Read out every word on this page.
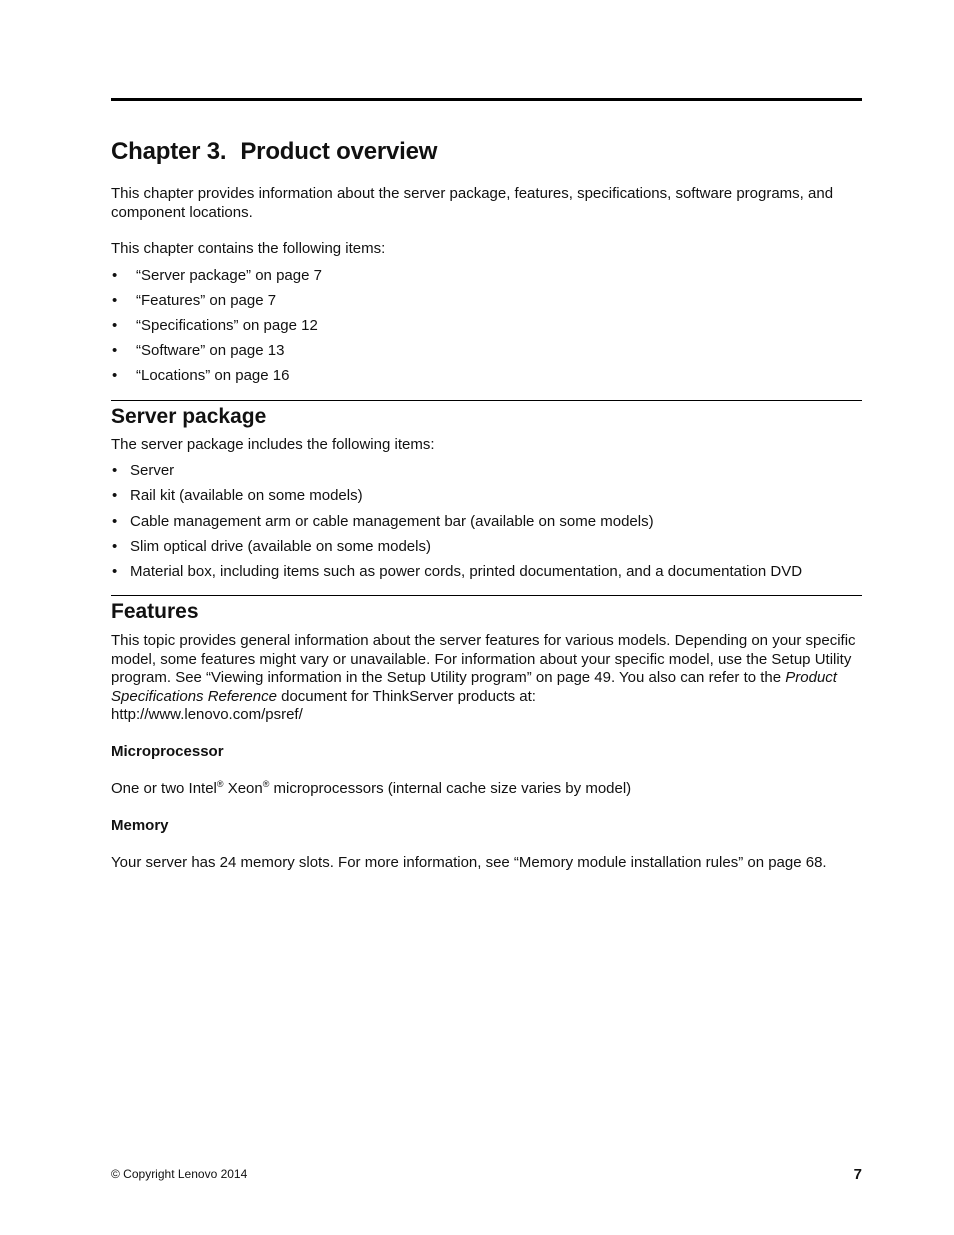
Chapter 3. Product overview

This chapter provides information about the server package, features, specifications, software programs, and component locations.

This chapter contains the following items:

• “Server package” on page 7
• “Features” on page 7
• “Specifications” on page 12
• “Software” on page 13
• “Locations” on page 16
Server package

The server package includes the following items:

• Server
• Rail kit (available on some models)
• Cable management arm or cable management bar (available on some models)
• Slim optical drive (available on some models)
• Material box, including items such as power cords, printed documentation, and a documentation DVD
Features

This topic provides general information about the server features for various models. Depending on your specific model, some features might vary or unavailable. For information about your specific model, use the Setup Utility program. See “Viewing information in the Setup Utility program” on page 49. You also can refer to the Product Specifications Reference document for ThinkServer products at:
http://www.lenovo.com/psref/

Microprocessor

One or two Intel® Xeon® microprocessors (internal cache size varies by model)

Memory

Your server has 24 memory slots. For more information, see “Memory module installation rules” on page 68.

© Copyright Lenovo 2014	7
